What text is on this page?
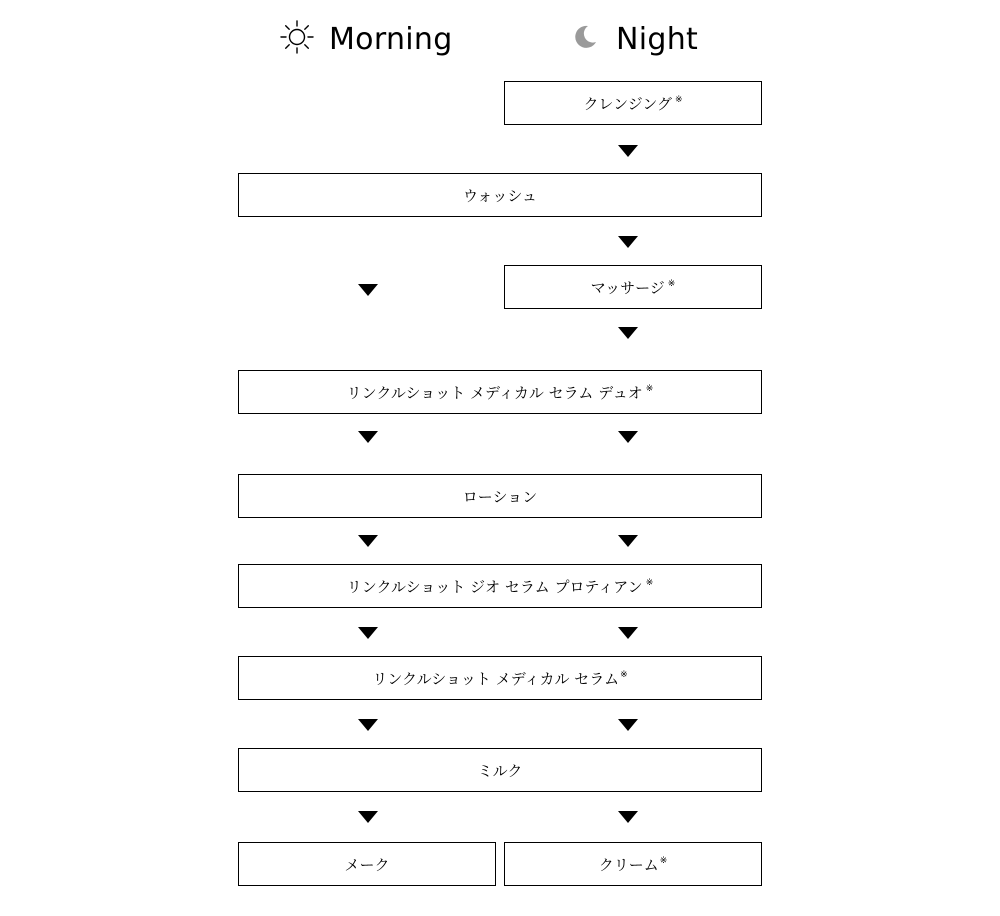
Morning	Night
クレンジング ※
ウォッシュ
マッサージ ※
リンクルショット メディカル セラム デュオ ※
ローション
リンクルショット ジオ セラム プロティアン ※
リンクルショット メディカル セラム ※
ミルク
メーク	クリーム ※
